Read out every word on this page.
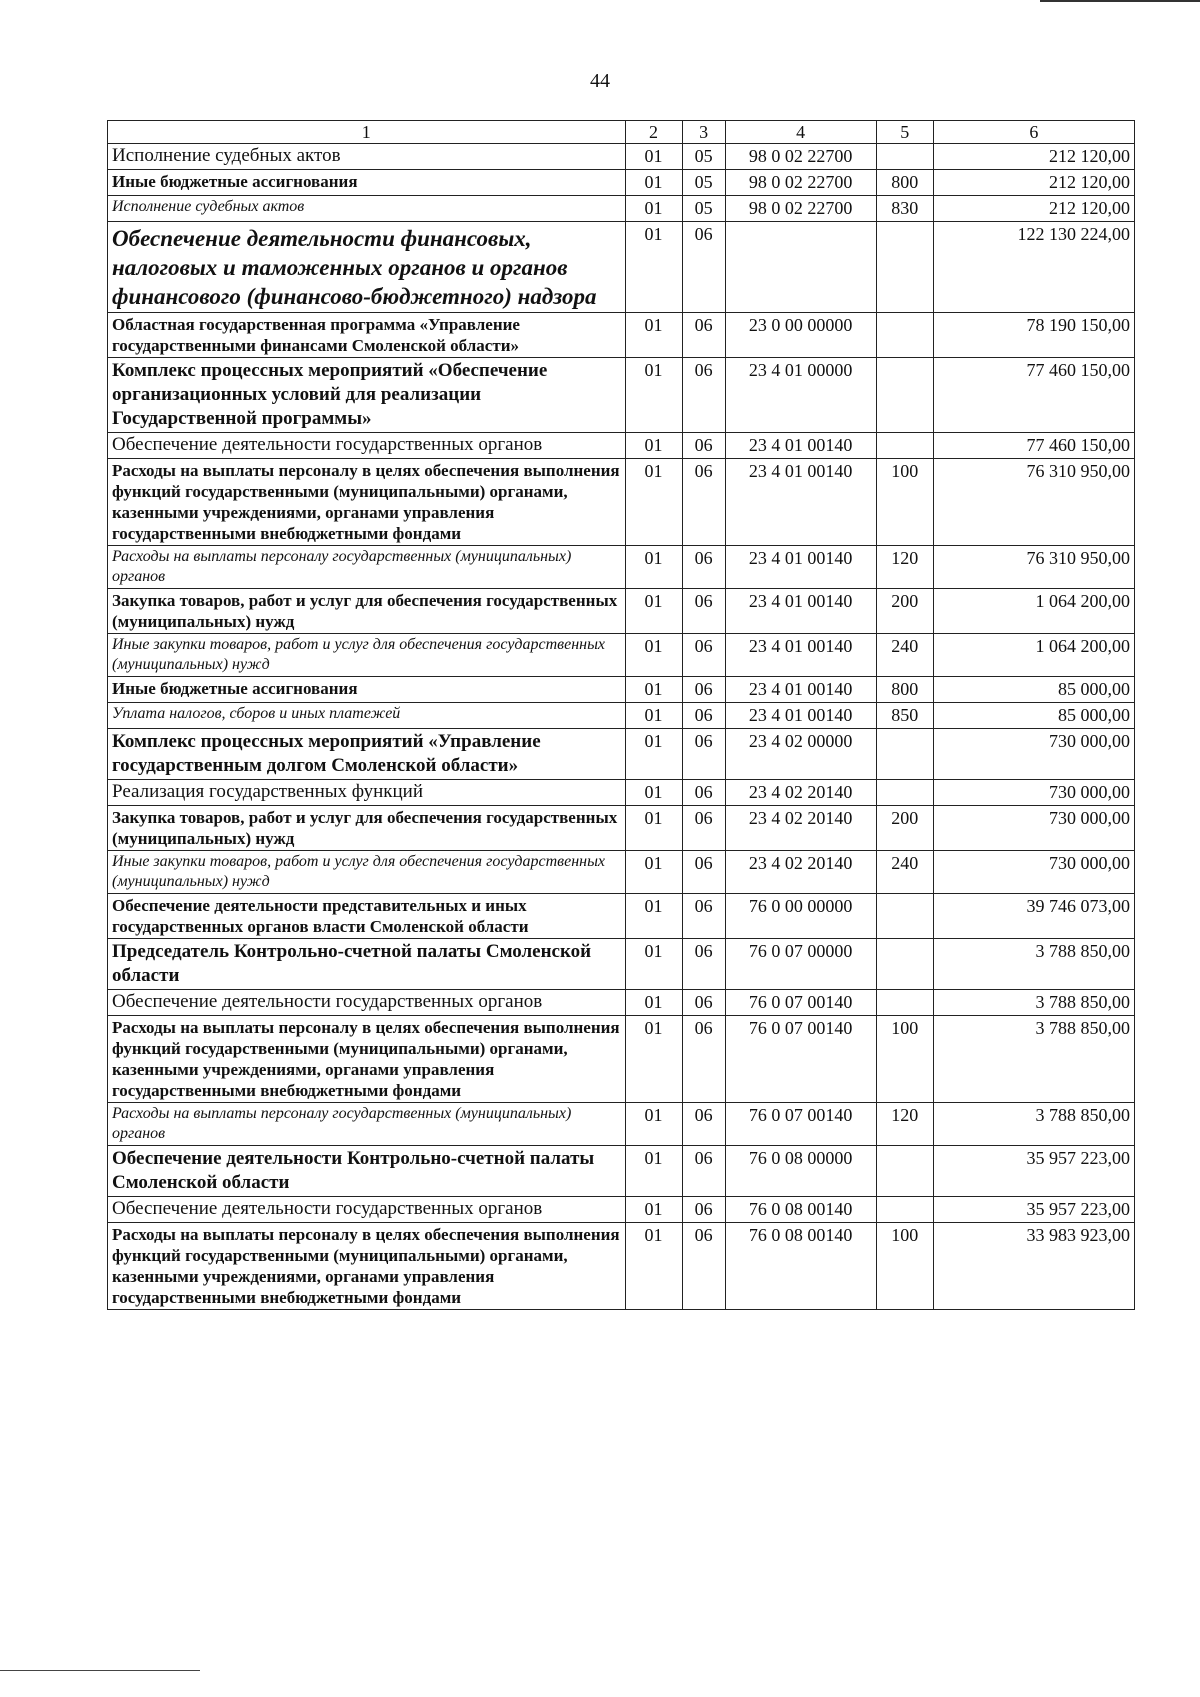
44
1	2	3	4	5	6
Исполнение судебных актов	01	05	98 0 02 22700		212 120,00
Иные бюджетные ассигнования	01	05	98 0 02 22700	800	212 120,00
Исполнение судебных актов	01	05	98 0 02 22700	830	212 120,00
Обеспечение деятельности финансовых, налоговых и таможенных органов и органов финансового (финансово-бюджетного) надзора	01	06			122 130 224,00
Областная государственная программа «Управление государственными финансами Смоленской области»	01	06	23 0 00 00000		78 190 150,00
Комплекс процессных мероприятий «Обеспечение организационных условий для реализации Государственной программы»	01	06	23 4 01 00000		77 460 150,00
Обеспечение деятельности государственных органов	01	06	23 4 01 00140		77 460 150,00
Расходы на выплаты персоналу в целях обеспечения выполнения функций государственными (муниципальными) органами, казенными учреждениями, органами управления государственными внебюджетными фондами	01	06	23 4 01 00140	100	76 310 950,00
Расходы на выплаты персоналу государственных (муниципальных) органов	01	06	23 4 01 00140	120	76 310 950,00
Закупка товаров, работ и услуг для обеспечения государственных (муниципальных) нужд	01	06	23 4 01 00140	200	1 064 200,00
Иные закупки товаров, работ и услуг для обеспечения государственных (муниципальных) нужд	01	06	23 4 01 00140	240	1 064 200,00
Иные бюджетные ассигнования	01	06	23 4 01 00140	800	85 000,00
Уплата налогов, сборов и иных платежей	01	06	23 4 01 00140	850	85 000,00
Комплекс процессных мероприятий «Управление государственным долгом Смоленской области»	01	06	23 4 02 00000		730 000,00
Реализация государственных функций	01	06	23 4 02 20140		730 000,00
Закупка товаров, работ и услуг для обеспечения государственных (муниципальных) нужд	01	06	23 4 02 20140	200	730 000,00
Иные закупки товаров, работ и услуг для обеспечения государственных (муниципальных) нужд	01	06	23 4 02 20140	240	730 000,00
Обеспечение деятельности представительных и иных государственных органов власти Смоленской области	01	06	76 0 00 00000		39 746 073,00
Председатель Контрольно-счетной палаты Смоленской области	01	06	76 0 07 00000		3 788 850,00
Обеспечение деятельности государственных органов	01	06	76 0 07 00140		3 788 850,00
Расходы на выплаты персоналу в целях обеспечения выполнения функций государственными (муниципальными) органами, казенными учреждениями, органами управления государственными внебюджетными фондами	01	06	76 0 07 00140	100	3 788 850,00
Расходы на выплаты персоналу государственных (муниципальных) органов	01	06	76 0 07 00140	120	3 788 850,00
Обеспечение деятельности Контрольно-счетной палаты Смоленской области	01	06	76 0 08 00000		35 957 223,00
Обеспечение деятельности государственных органов	01	06	76 0 08 00140		35 957 223,00
Расходы на выплаты персоналу в целях обеспечения выполнения функций государственными (муниципальными) органами, казенными учреждениями, органами управления государственными внебюджетными фондами	01	06	76 0 08 00140	100	33 983 923,00
